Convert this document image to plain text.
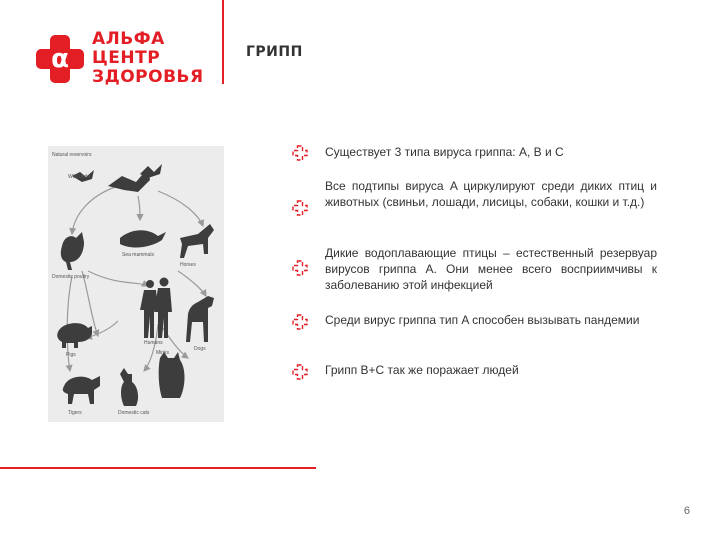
α
АЛЬФА
ЦЕНТР
ЗДОРОВЬЯ
ГРИПП
Natural reservoirs
Wild birds
Sea mammals
Horses
Domestic poultry
Humans
Pigs
Dogs
Tigers	Domestic cats
Minks
Существует 3 типа вируса гриппа: A, B и C
Все подтипы вируса A циркулируют среди диких птиц и животных (свиньи, лошади, лисицы, собаки, кошки и т.д.)
Дикие водоплавающие птицы – естественный резервуар вирусов гриппа A. Они менее всего восприимчивы к заболеванию этой инфекцией
Среди вирус гриппа тип A способен вызывать пандемии
Грипп B+C так же поражает людей
6
